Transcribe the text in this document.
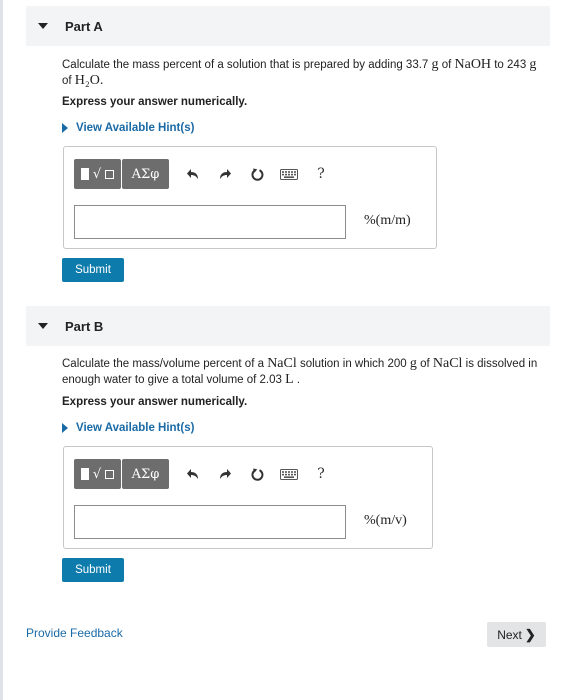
Part A
Calculate the mass percent of a solution that is prepared by adding 33.7 g of NaOH to 243 g
of H₂O.
Express your answer numerically.
View Available Hint(s)
√	ΑΣφ	?
%(m/m)
Submit
Part B
Calculate the mass/volume percent of a NaCl solution in which 200 g of NaCl is dissolved in
enough water to give a total volume of 2.03 L .
Express your answer numerically.
View Available Hint(s)
√	ΑΣφ	?
%(m/v)
Submit
Provide Feedback	Next ❯
